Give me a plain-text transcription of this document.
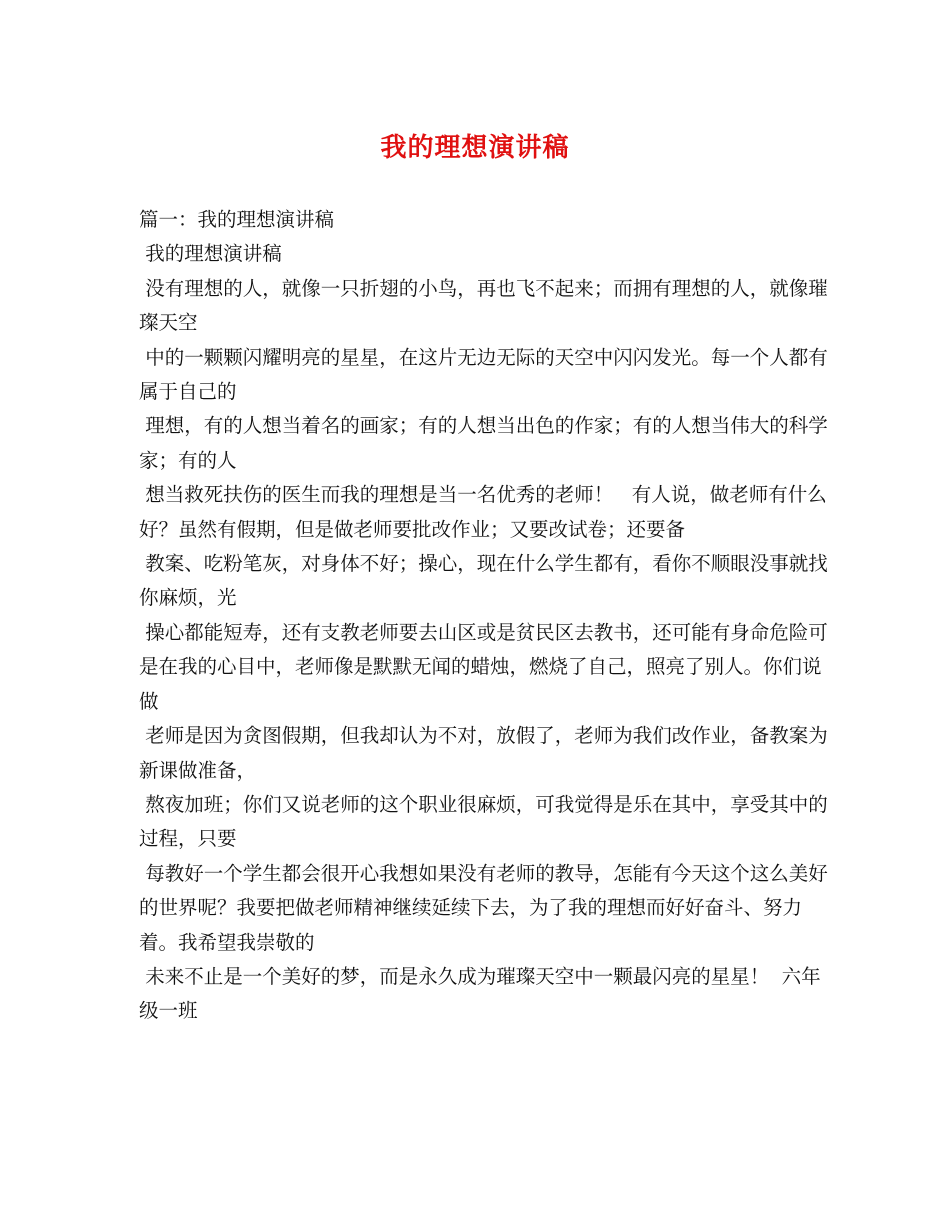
我的理想演讲稿

篇一：我的理想演讲稿

我的理想演讲稿

没有理想的人，就像一只折翅的小鸟，再也飞不起来；而拥有理想的人，就像璀璨天空

中的一颗颗闪耀明亮的星星，在这片无边无际的天空中闪闪发光。每一个人都有属于自己的

理想，有的人想当着名的画家；有的人想当出色的作家；有的人想当伟大的科学家；有的人

想当救死扶伤的医生而我的理想是当一名优秀的老师！   有人说，做老师有什么好？虽然有假期，但是做老师要批改作业；又要改试卷；还要备

教案、吃粉笔灰，对身体不好；操心，现在什么学生都有，看你不顺眼没事就找你麻烦，光

操心都能短寿，还有支教老师要去山区或是贫民区去教书，还可能有身命危险可是在我的心目中，老师像是默默无闻的蜡烛，燃烧了自己，照亮了别人。你们说做

老师是因为贪图假期，但我却认为不对，放假了，老师为我们改作业，备教案为新课做准备，

熬夜加班；你们又说老师的这个职业很麻烦，可我觉得是乐在其中，享受其中的过程，只要

每教好一个学生都会很开心我想如果没有老师的教导，怎能有今天这个这么美好的世界呢？我要把做老师精神继续延续下去，为了我的理想而好好奋斗、努力着。我希望我崇敬的

未来不止是一个美好的梦，而是永久成为璀璨天空中一颗最闪亮的星星！  六年级一班
